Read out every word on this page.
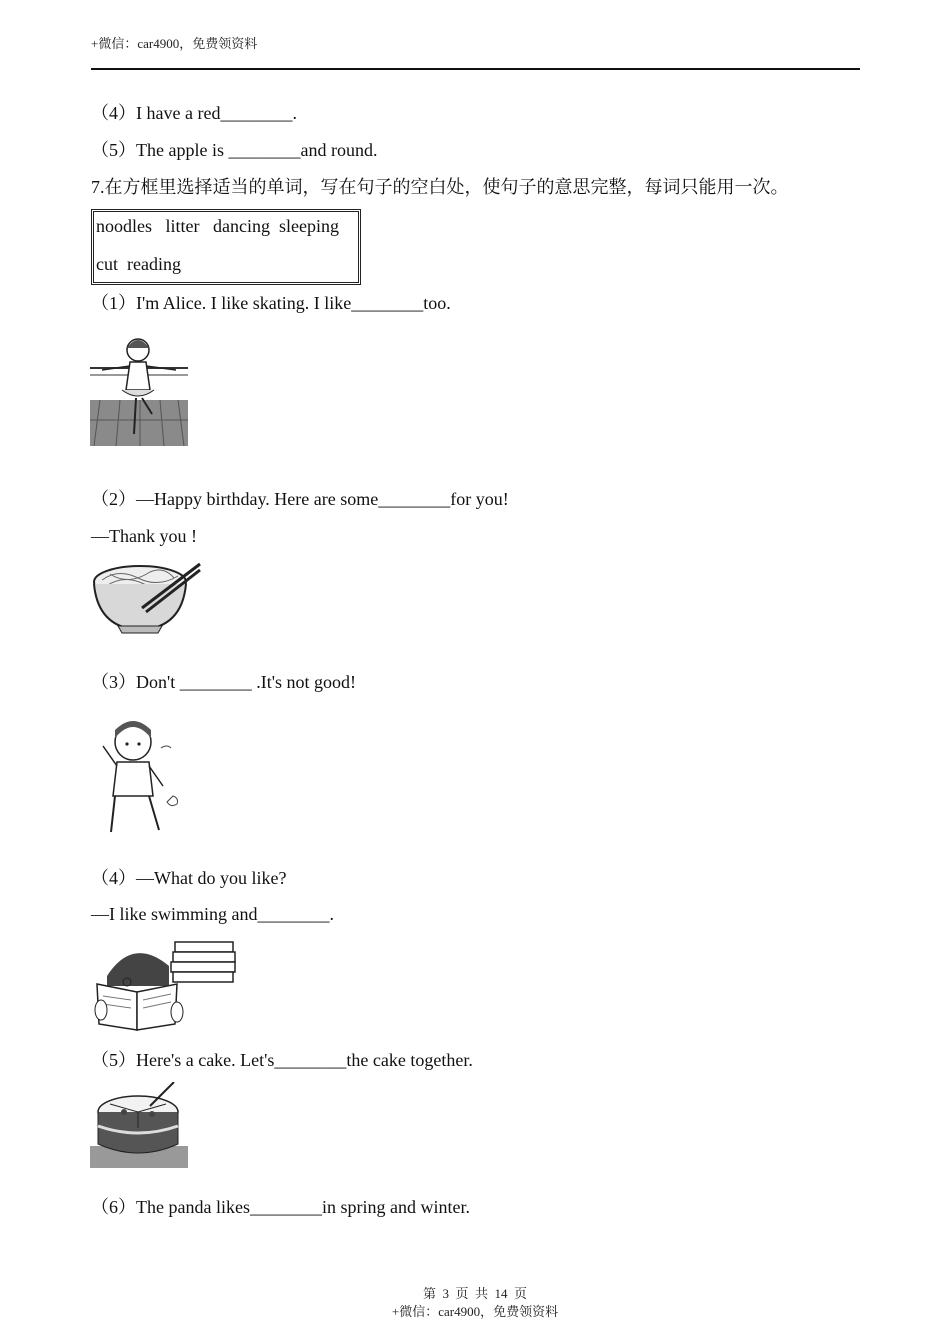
+微信：car4900，免费领资料
（4）I have a red________.
（5）The apple is ________and round.
7.在方框里选择适当的单词，写在句子的空白处，使句子的意思完整，每词只能用一次。
noodles   litter   dancing  sleeping
cut  reading
（1）I'm Alice. I like skating. I like________too.
（2）—Happy birthday. Here are some________for you!
—Thank you !
（3）Don't ________ .It's not good!
（4）—What do you like?
—I like swimming and________.
（5）Here's a cake. Let's________the cake together.
（6）The panda likes________in spring and winter.
第  3  页  共  14  页
+微信：car4900，免费领资料
